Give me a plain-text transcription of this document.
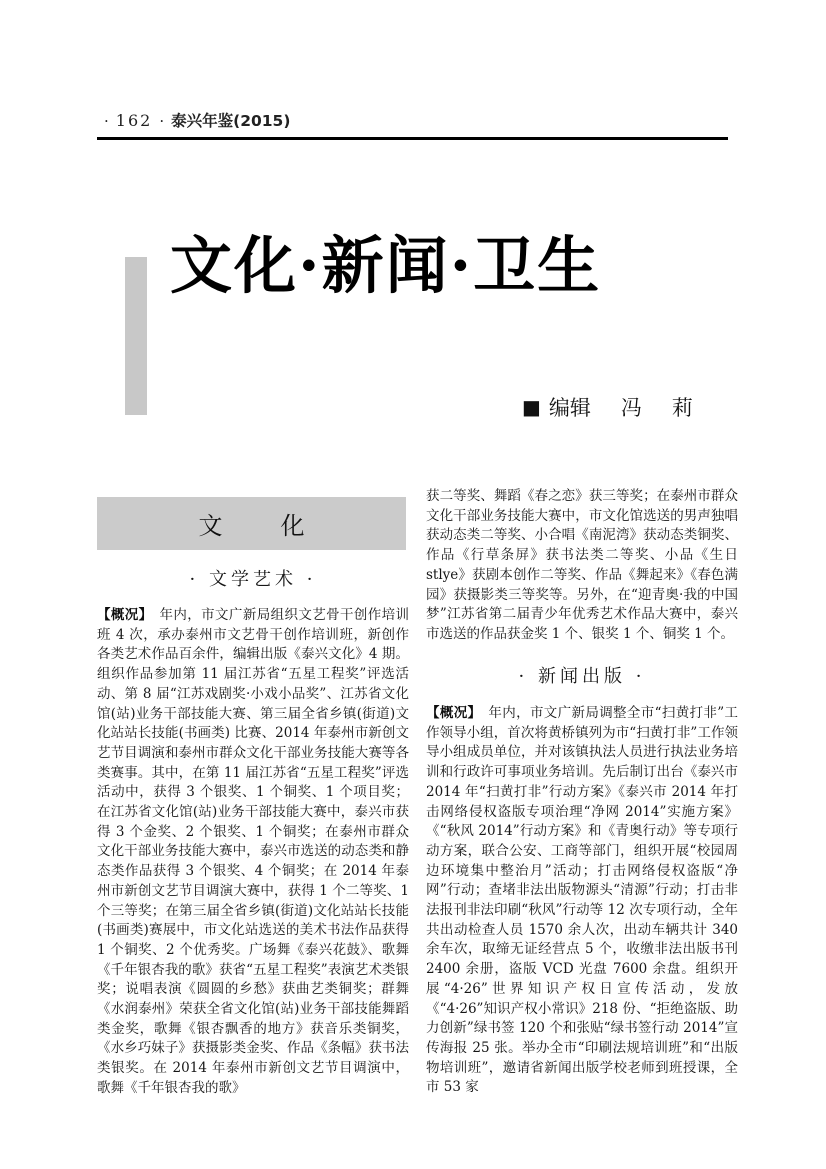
· 162 · 泰兴年鉴(2015)
文化·新闻·卫生
■ 编辑 冯 莉
文 化
· 文学艺术 ·
【概况】 年内，市文广新局组织文艺骨干创作培训班 4 次，承办泰州市文艺骨干创作培训班，新创作各类艺术作品百余件，编辑出版《泰兴文化》4 期。组织作品参加第 11 届江苏省“五星工程奖”评选活动、第 8 届“江苏戏剧奖·小戏小品奖”、江苏省文化馆(站)业务干部技能大赛、第三届全省乡镇(街道)文化站站长技能(书画类) 比赛、2014 年泰州市新创文艺节目调演和泰州市群众文化干部业务技能大赛等各类赛事。其中，在第 11 届江苏省“五星工程奖”评选活动中，获得 3 个银奖、1 个铜奖、1 个项目奖；在江苏省文化馆(站)业务干部技能大赛中，泰兴市获得 3 个金奖、2 个银奖、1 个铜奖；在泰州市群众文化干部业务技能大赛中，泰兴市选送的动态类和静态类作品获得 3 个银奖、4 个铜奖；在 2014 年泰州市新创文艺节目调演大赛中，获得 1 个二等奖、1 个三等奖；在第三届全省乡镇(街道)文化站站长技能(书画类)赛展中，市文化站选送的美术书法作品获得 1 个铜奖、2 个优秀奖。广场舞《泰兴花鼓》、歌舞《千年银杏我的歌》获省“五星工程奖”表演艺术类银奖；说唱表演《圆圆的乡愁》获曲艺类铜奖；群舞《水润泰州》荣获全省文化馆(站)业务干部技能舞蹈类金奖，歌舞《银杏飘香的地方》获音乐类铜奖，《水乡巧妹子》获摄影类金奖、作品《条幅》获书法类银奖。在 2014 年泰州市新创文艺节目调演中，歌舞《千年银杏我的歌》
获二等奖、舞蹈《春之恋》获三等奖；在泰州市群众文化干部业务技能大赛中，市文化馆选送的男声独唱获动态类二等奖、小合唱《南泥湾》获动态类铜奖、作品《行草条屏》获书法类二等奖、小品《生日 stlye》获剧本创作二等奖、作品《舞起来》《春色满园》获摄影类三等奖等。另外，在“迎青奥·我的中国梦”江苏省第二届青少年优秀艺术作品大赛中，泰兴市选送的作品获金奖 1 个、银奖 1 个、铜奖 1 个。
· 新闻出版 ·
【概况】 年内，市文广新局调整全市“扫黄打非”工作领导小组，首次将黄桥镇列为市“扫黄打非”工作领导小组成员单位，并对该镇执法人员进行执法业务培训和行政许可事项业务培训。先后制订出台《泰兴市 2014 年“扫黄打非”行动方案》《泰兴市 2014 年打击网络侵权盗版专项治理“净网 2014”实施方案》《“秋风 2014”行动方案》和《青奥行动》等专项行动方案，联合公安、工商等部门，组织开展“校园周边环境集中整治月”活动；打击网络侵权盗版“净网”行动；查堵非法出版物源头“清源”行动；打击非法报刊非法印刷“秋风”行动等 12 次专项行动，全年共出动检查人员 1570 余人次，出动车辆共计 340 余车次，取缔无证经营点 5 个，收缴非法出版书刊 2400 余册，盗版 VCD 光盘 7600 余盘。组织开展“4·26”世界知识产权日宣传活动，发放《“4·26”知识产权小常识》218 份、“拒绝盗版、助力创新”绿书签 120 个和张贴“绿书签行动 2014”宣传海报 25 张。举办全市“印刷法规培训班”和“出版物培训班”，邀请省新闻出版学校老师到班授课，全市 53 家
